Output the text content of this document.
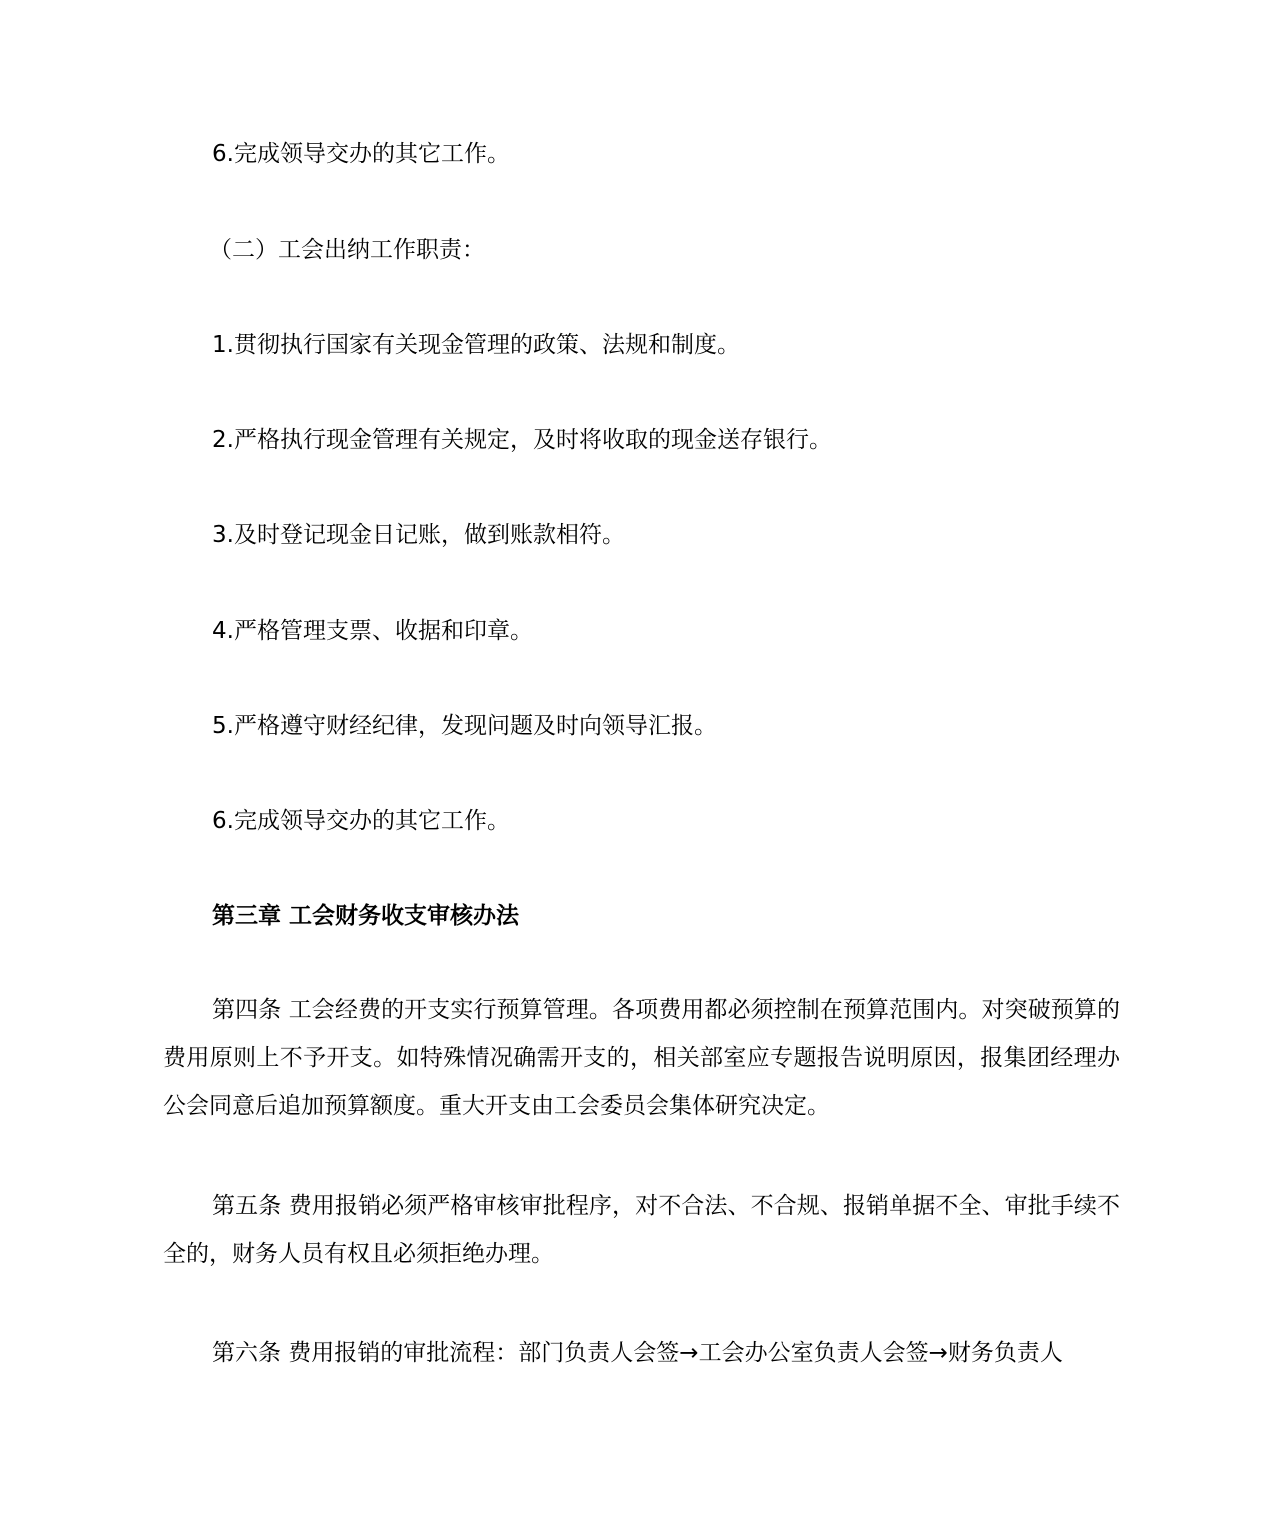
6.完成领导交办的其它工作。

（二）工会出纳工作职责：

1.贯彻执行国家有关现金管理的政策、法规和制度。

2.严格执行现金管理有关规定，及时将收取的现金送存银行。

3.及时登记现金日记账，做到账款相符。

4.严格管理支票、收据和印章。

5.严格遵守财经纪律，发现问题及时向领导汇报。

6.完成领导交办的其它工作。

第三章 工会财务收支审核办法

第四条 工会经费的开支实行预算管理。各项费用都必须控制在预算范围内。对突破预算的费用原则上不予开支。如特殊情况确需开支的，相关部室应专题报告说明原因，报集团经理办公会同意后追加预算额度。重大开支由工会委员会集体研究决定。

第五条 费用报销必须严格审核审批程序，对不合法、不合规、报销单据不全、审批手续不全的，财务人员有权且必须拒绝办理。

第六条 费用报销的审批流程：部门负责人会签→工会办公室负责人会签→财务负责人
